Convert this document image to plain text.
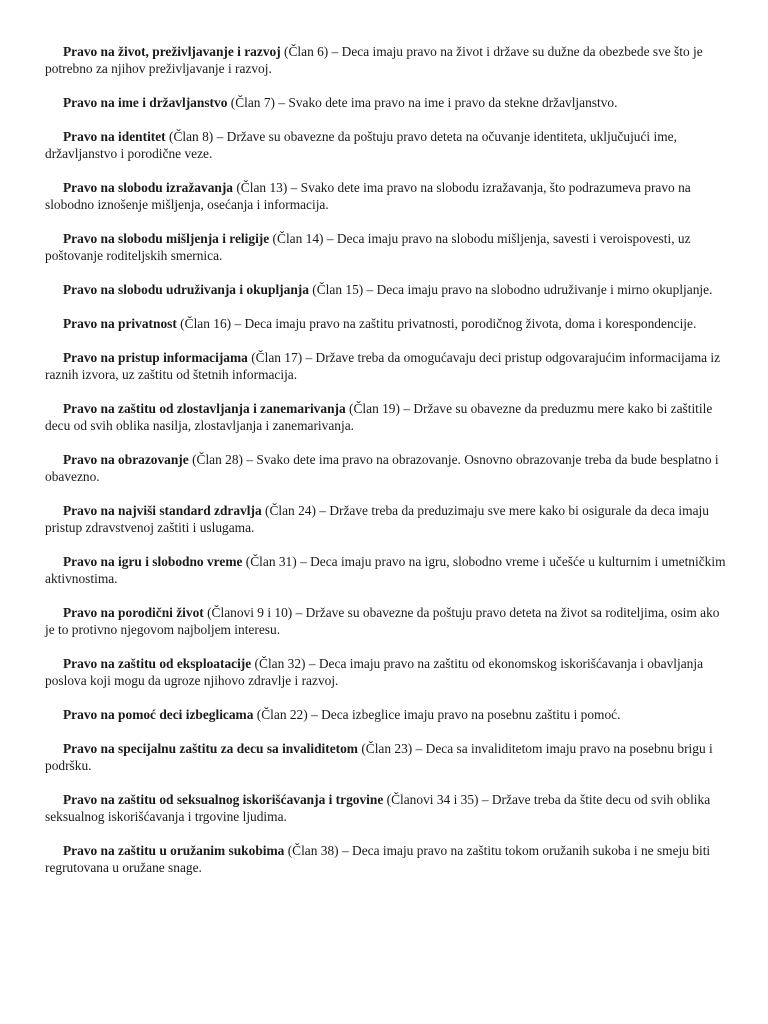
Pravo na život, preživljavanje i razvoj (Član 6) – Deca imaju pravo na život i države su dužne da obezbede sve što je potrebno za njihov preživljavanje i razvoj.

Pravo na ime i državljanstvo (Član 7) – Svako dete ima pravo na ime i pravo da stekne državljanstvo.

Pravo na identitet (Član 8) – Države su obavezne da poštuju pravo deteta na očuvanje identiteta, uključujući ime, državljanstvo i porodične veze.

Pravo na slobodu izražavanja (Član 13) – Svako dete ima pravo na slobodu izražavanja, što podrazumeva pravo na slobodno iznošenje mišljenja, osećanja i informacija.

Pravo na slobodu mišljenja i religije (Član 14) – Deca imaju pravo na slobodu mišljenja, savesti i veroispovesti, uz poštovanje roditeljskih smernica.

Pravo na slobodu udruživanja i okupljanja (Član 15) – Deca imaju pravo na slobodno udruživanje i mirno okupljanje.

Pravo na privatnost (Član 16) – Deca imaju pravo na zaštitu privatnosti, porodičnog života, doma i korespondencije.

Pravo na pristup informacijama (Član 17) – Države treba da omogućavaju deci pristup odgovarajućim informacijama iz raznih izvora, uz zaštitu od štetnih informacija.

Pravo na zaštitu od zlostavljanja i zanemarivanja (Član 19) – Države su obavezne da preduzmu mere kako bi zaštitile decu od svih oblika nasilja, zlostavljanja i zanemarivanja.

Pravo na obrazovanje (Član 28) – Svako dete ima pravo na obrazovanje. Osnovno obrazovanje treba da bude besplatno i obavezno.

Pravo na najviši standard zdravlja (Član 24) – Države treba da preduzimaju sve mere kako bi osigurale da deca imaju pristup zdravstvenoj zaštiti i uslugama.

Pravo na igru i slobodno vreme (Član 31) – Deca imaju pravo na igru, slobodno vreme i učešće u kulturnim i umetničkim aktivnostima.

Pravo na porodični život (Članovi 9 i 10) – Države su obavezne da poštuju pravo deteta na život sa roditeljima, osim ako je to protivno njegovom najboljem interesu.

Pravo na zaštitu od eksploatacije (Član 32) – Deca imaju pravo na zaštitu od ekonomskog iskorišćavanja i obavljanja poslova koji mogu da ugroze njihovo zdravlje i razvoj.

Pravo na pomoć deci izbeglicama (Član 22) – Deca izbeglice imaju pravo na posebnu zaštitu i pomoć.

Pravo na specijalnu zaštitu za decu sa invaliditetom (Član 23) – Deca sa invaliditetom imaju pravo na posebnu brigu i podršku.

Pravo na zaštitu od seksualnog iskorišćavanja i trgovine (Članovi 34 i 35) – Države treba da štite decu od svih oblika seksualnog iskorišćavanja i trgovine ljudima.

Pravo na zaštitu u oružanim sukobima (Član 38) – Deca imaju pravo na zaštitu tokom oružanih sukoba i ne smeju biti regrutovana u oružane snage.
